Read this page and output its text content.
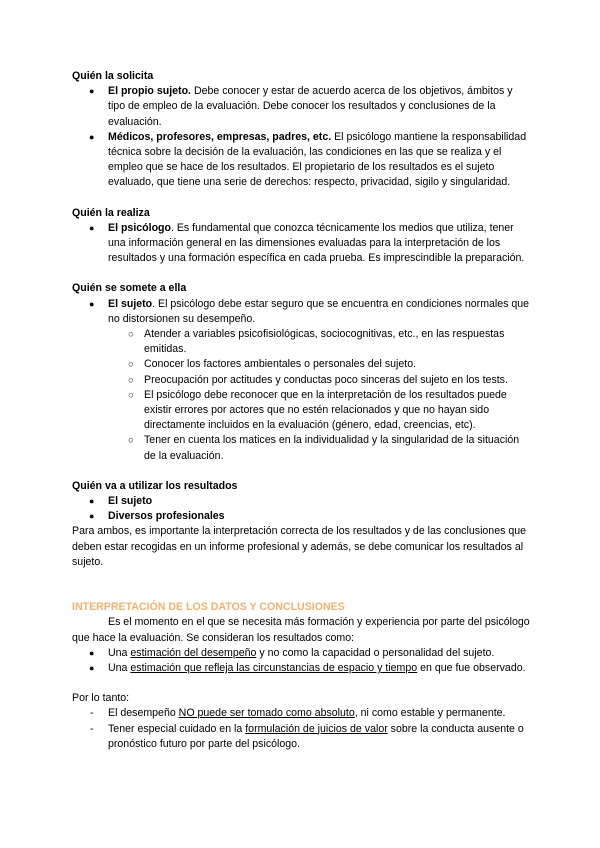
Quién la solicita

● El propio sujeto. Debe conocer y estar de acuerdo acerca de los objetivos, ámbitos y tipo de empleo de la evaluación. Debe conocer los resultados y conclusiones de la evaluación.
● Médicos, profesores, empresas, padres, etc. El psicólogo mantiene la responsabilidad técnica sobre la decisión de la evaluación, las condiciones en las que se realiza y el empleo que se hace de los resultados. El propietario de los resultados es el sujeto evaluado, que tiene una serie de derechos: respecto, privacidad, sigilo y singularidad.

Quién la realiza

● El psicólogo. Es fundamental que conozca técnicamente los medios que utiliza, tener una información general en las dimensiones evaluadas para la interpretación de los resultados y una formación específica en cada prueba. Es imprescindible la preparación.

Quién se somete a ella

● El sujeto. El psicólogo debe estar seguro que se encuentra en condiciones normales que no distorsionen su desempeño.
○ Atender a variables psicofisiológicas, sociocognitivas, etc., en las respuestas emitidas.
○ Conocer los factores ambientales o personales del sujeto.
○ Preocupación por actitudes y conductas poco sinceras del sujeto en los tests.
○ El psicólogo debe reconocer que en la interpretación de los resultados puede existir errores por actores que no estén relacionados y que no hayan sido directamente incluidos en la evaluación (género, edad, creencias, etc).
○ Tener en cuenta los matices en la individualidad y la singularidad de la situación de la evaluación.

Quién va a utilizar los resultados

● El sujeto
● Diversos profesionales

Para ambos, es importante la interpretación correcta de los resultados y de las conclusiones que deben estar recogidas en un informe profesional y además, se debe comunicar los resultados al sujeto.

INTERPRETACIÓN DE LOS DATOS Y CONCLUSIONES

Es el momento en el que se necesita más formación y experiencia por parte del psicólogo que hace la evaluación. Se consideran los resultados como:

● Una estimación del desempeño y no como la capacidad o personalidad del sujeto.
● Una estimación que refleja las circunstancias de espacio y tiempo en que fue observado.

Por lo tanto:

- El desempeño NO puede ser tomado como absoluto, ni como estable y permanente.
- Tener especial cuidado en la formulación de juicios de valor sobre la conducta ausente o pronóstico futuro por parte del psicólogo.
